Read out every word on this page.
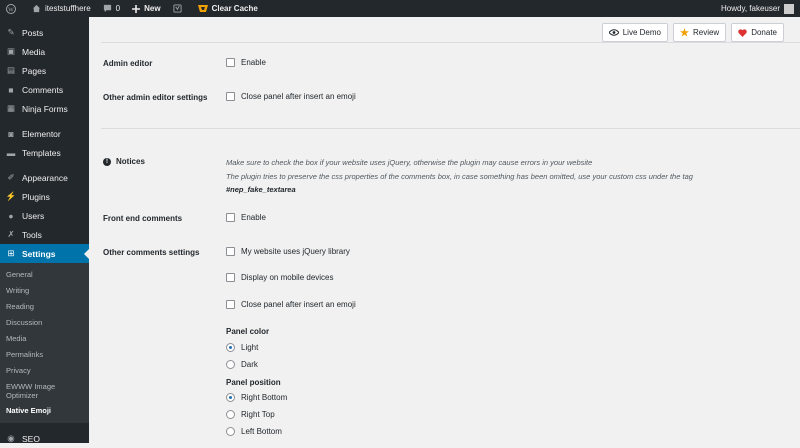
W	iteststuffhere	0	New	Clear Cache	Howdy, fakeuser
✎ Posts
▣ Media
▤ Pages
■ Comments
▦ Ninja Forms
◙ Elementor
▬ Templates
✐ Appearance
⚡ Plugins
● Users
✗ Tools
⊞ Settings
General
Writing
Reading
Discussion
Media
Permalinks
Privacy
EWWW Image Optimizer
Native Emoji
◉ SEO
Live Demo	Review	Donate
Admin editor	Enable
Other admin editor settings	Close panel after insert an emoji
!	Notices	Make sure to check the box if your website uses jQuery, otherwise the plugin may cause errors in your website
The plugin tries to preserve the css properties of the comments box, in case something has been omitted, use your custom css under the tag
#nep_fake_textarea
Front end comments	Enable
Other comments settings	My website uses jQuery library
Display on mobile devices
Close panel after insert an emoji
Panel color
Light
Dark
Panel position
Right Bottom
Right Top
Left Bottom
